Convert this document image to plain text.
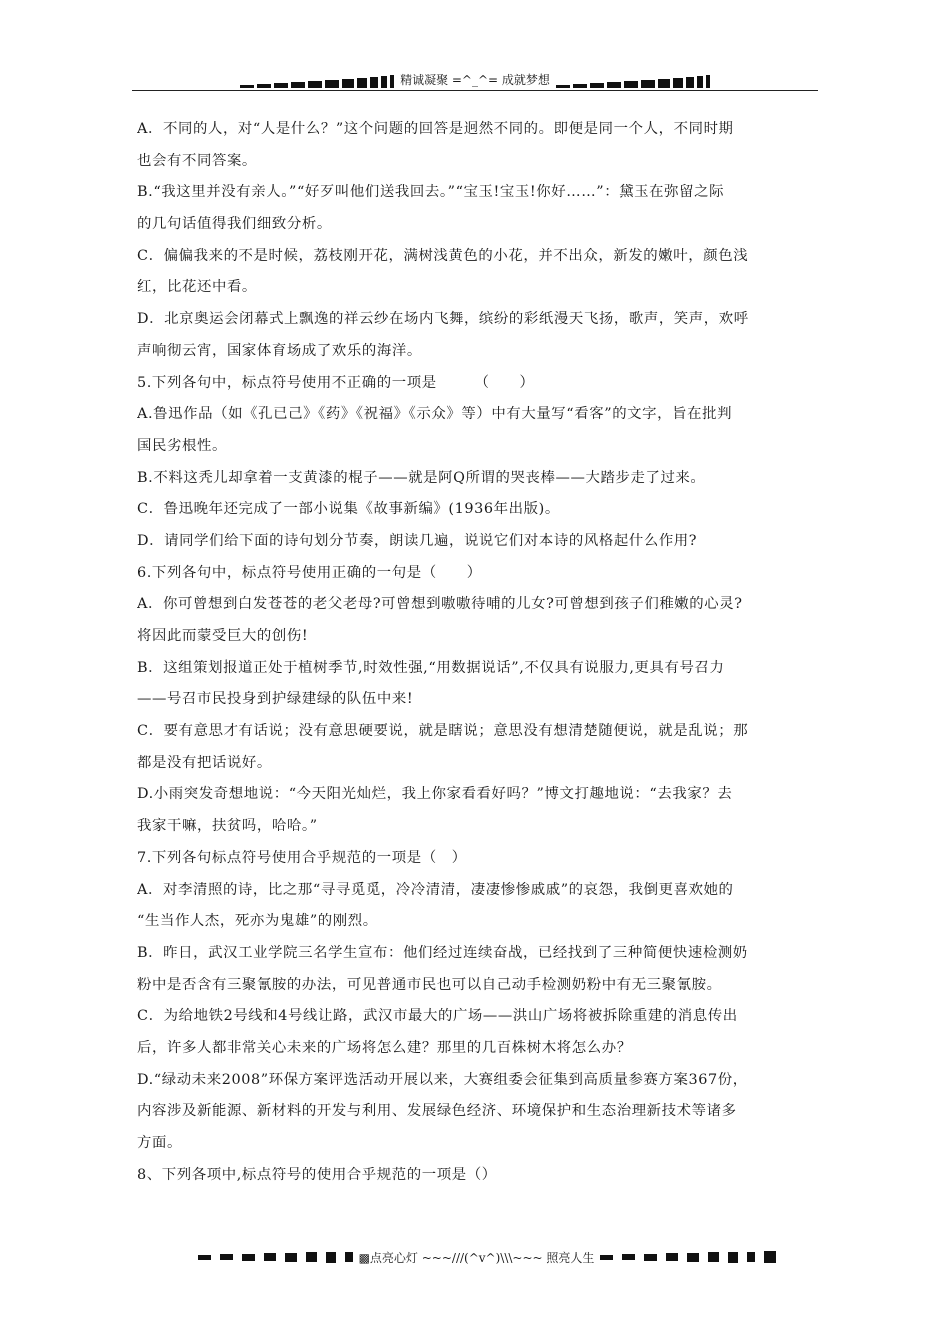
精诚凝聚 =^_^= 成就梦想
A．不同的人，对“人是什么？”这个问题的回答是迥然不同的。即便是同一个人，不同时期
也会有不同答案。
B.“我这里并没有亲人。”“好歹叫他们送我回去。”“宝玉!宝玉!你好……”：黛玉在弥留之际
的几句话值得我们细致分析。
C．偏偏我来的不是时候，荔枝刚开花，满树浅黄色的小花，并不出众，新发的嫩叶，颜色浅
红，比花还中看。
D．北京奥运会闭幕式上飘逸的祥云纱在场内飞舞，缤纷的彩纸漫天飞扬，歌声，笑声，欢呼
声响彻云宵，国家体育场成了欢乐的海洋。
5.下列各句中，标点符号使用不正确的一项是　　　（　　）
A.鲁迅作品（如《孔已己》《药》《祝福》《示众》等）中有大量写“看客”的文字，旨在批判
国民劣根性。
B.不料这秃儿却拿着一支黄漆的棍子——就是阿Q所谓的哭丧棒——大踏步走了过来。
C．鲁迅晚年还完成了一部小说集《故事新编》(1936年出版)。
D．请同学们给下面的诗句划分节奏，朗读几遍，说说它们对本诗的风格起什么作用?
6.下列各句中，标点符号使用正确的一句是（　　）
A．你可曾想到白发苍苍的老父老母?可曾想到嗷嗷待哺的儿女?可曾想到孩子们稚嫩的心灵?
将因此而蒙受巨大的创伤!
B．这组策划报道正处于植树季节,时效性强,“用数据说话”,不仅具有说服力,更具有号召力
——号召市民投身到护绿建绿的队伍中来!
C．要有意思才有话说；没有意思硬要说，就是瞎说；意思没有想清楚随便说，就是乱说；那
都是没有把话说好。
D.小雨突发奇想地说：“今天阳光灿烂，我上你家看看好吗？”博文打趣地说：“去我家？去
我家干嘛，扶贫吗，哈哈。”
7.下列各句标点符号使用合乎规范的一项是（　）
A．对李清照的诗，比之那“寻寻觅觅，冷冷清清，凄凄惨惨戚戚”的哀怨，我倒更喜欢她的
“生当作人杰，死亦为鬼雄”的刚烈。
B．昨日，武汉工业学院三名学生宣布：他们经过连续奋战，已经找到了三种简便快速检测奶
粉中是否含有三聚氰胺的办法，可见普通市民也可以自己动手检测奶粉中有无三聚氰胺。
C．为给地铁2号线和4号线让路，武汉市最大的广场——洪山广场将被拆除重建的消息传出
后，许多人都非常关心未来的广场将怎么建？那里的几百株树木将怎么办？
D.“绿动未来2008”环保方案评选活动开展以来，大赛组委会征集到高质量参赛方案367份，
内容涉及新能源、新材料的开发与利用、发展绿色经济、环境保护和生态治理新技术等诸多
方面。
8、下列各项中,标点符号的使用合乎规范的一项是（）
▩点亮心灯 ~~~///(^v^)\\\~~~ 照亮人生
